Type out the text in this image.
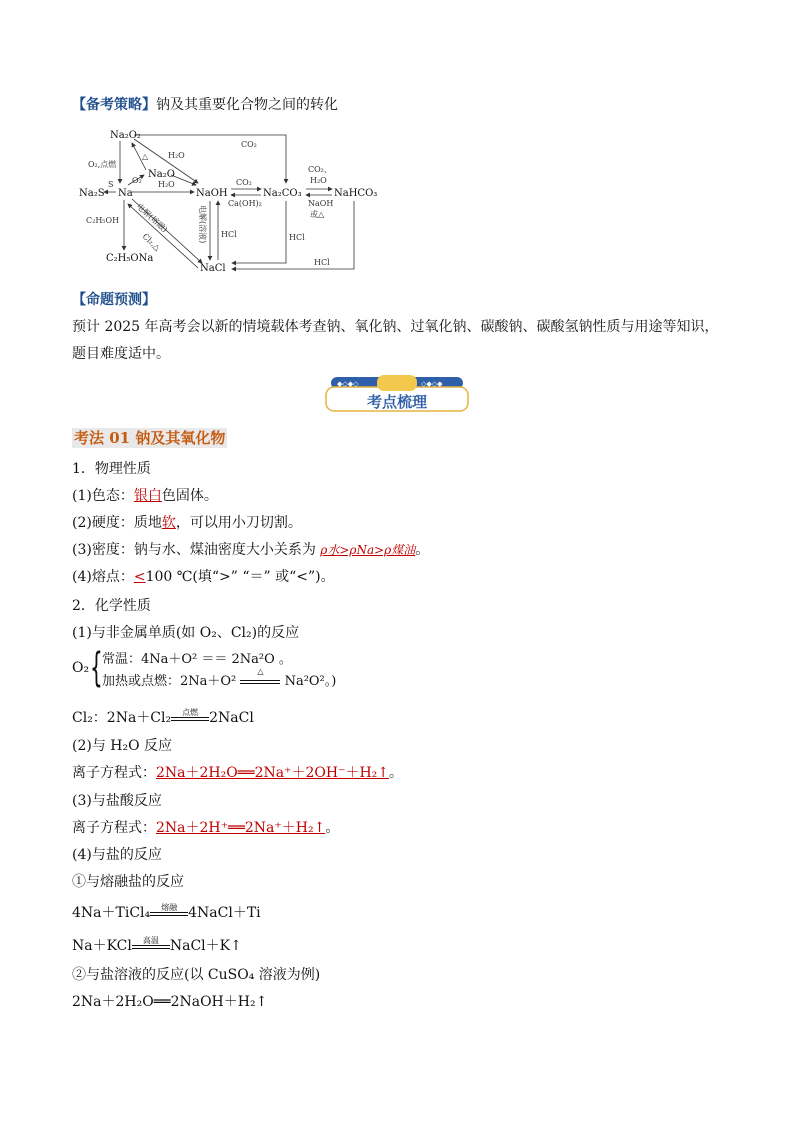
【备考策略】钠及其重要化合物之间的转化
Na₂O₂
Na₂O
Na
Na₂S	NaOH	Na₂CO₃	NaHCO₃
NaCl
C₂H₅ONa
CO₂
O₂,点燃
△ H₂O
O₂ H₂O
S	CO₂
Ca(OH)₂
CO₂、
H₂O
NaOH
或△
C₂H₅OH 电解(熔融)
Cl₂,△	电解(溶液) HCl	HCl
HCl
【命题预测】
预计 2025 年高考会以新的情境载体考查钠、氧化钠、过氧化钠、碳酸钠、碳酸氢钠性质与用途等知识，
题目难度适中。
◆◇◆◇	◇◆◇◆
考点梳理
考法 01 钠及其氧化物
1．物理性质
(1)色态：银白色固体。
(2)硬度：质地软，可以用小刀切割。
(3)密度：钠与水、煤油密度大小关系为 ρ水>ρNa>ρ煤油。
(4)熔点：<100 ℃(填“>” “＝” 或“<”)。
2．化学性质
(1)与非金属单质(如 O₂、Cl₂)的反应
O₂ { 常温：4Na＋O² ＝＝ 2Na²O 。
加热或点燃：2Na＋O²
△
Na²O²。)
Cl₂：2Na＋Cl₂	点燃 2NaCl
(2)与 H₂O 反应
离子方程式：2Na＋2H₂O══2Na⁺＋2OH⁻＋H₂↑。
(3)与盐酸反应
离子方程式：2Na＋2H⁺══2Na⁺＋H₂↑。
(4)与盐的反应
①与熔融盐的反应
4Na＋TiCl₄	熔融 4NaCl＋Ti
Na＋KCl	高温 NaCl＋K↑
②与盐溶液的反应(以 CuSO₄ 溶液为例)
2Na＋2H₂O══2NaOH＋H₂↑
